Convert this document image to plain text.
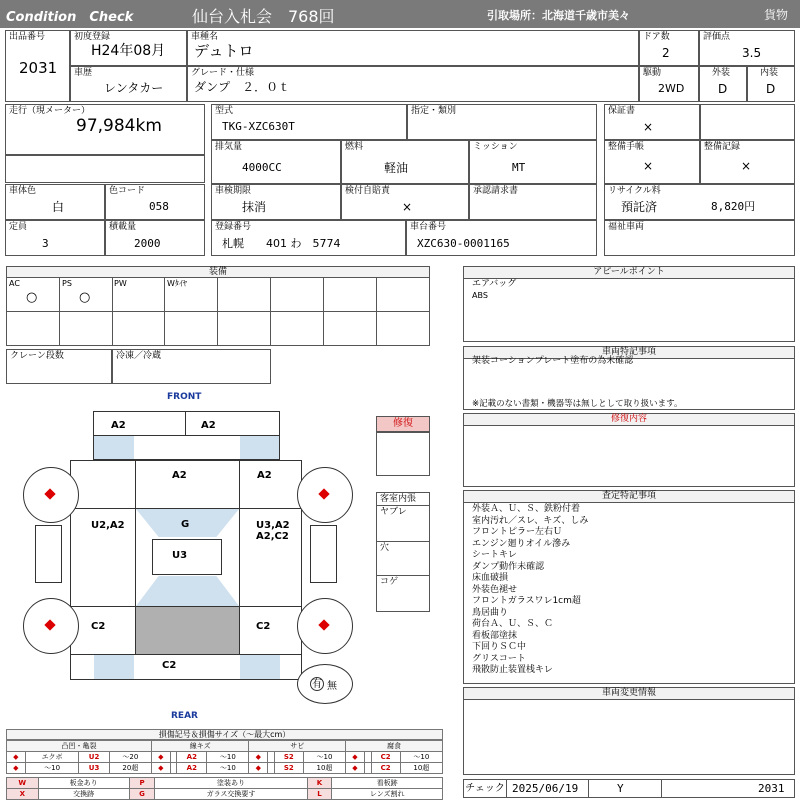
Condition　Check	仙台入札会　768回	引取場所：北海道千歳市美々	貨物
出品番号
2031
初度登録
H24年08月
車歴
レンタカー
車種名
デュトロ
グレード・仕様
ダンプ　２．０ｔ
ドア数
2
評価点
3.5
駆動
2WD
外装
D
内装
D
走行（現メーター）
97,984km
型式
TKG-XZC630T
指定・類別
排気量
4000CC
燃料
軽油
ミッション
MT
保証書
×
整備手帳
×
整備記録
×
車体色
白
色コード
058
定員
3
積載量
2000
車検期限
抹消
検付自賠責
×
承認請求書
登録番号
札幌　　401 わ　5774
車台番号
XZC630-0001165
リサイクル料
預託済	8,820円
福祉車両
装備
AC
○
PS
○
PW	Wﾀｲﾔ
クレーン段数	冷凍／冷蔵
アピールポイント
エアバッグ
ABS
車両特記事項
架装コーションプレート塗布の為未確認
※記載のない書類・機器等は無しとして取り扱います。
修復内容
査定特記事項
外装Ａ、Ｕ、Ｓ、鉄粉付着
室内汚れ／スレ、キズ、しみ
フロントピラー左右Ｕ
エンジン廻りオイル滲み
シートキレ
ダンプ動作未確認
床血破損
外装色褪せ
フロントガラスワレ1cm超
鳥居曲り
荷台Ａ、Ｕ、Ｓ、Ｃ
看板部塗抹
下回りＳＣ中
グリスコート
飛散防止装置桟キレ
車両変更情報
チェック 2025/06/19	Y	2031
修復
客室内張
ヤブレ
穴
コゲ
FRONT
REAR
有 無
A2	A2
A2	A2
U2,A2	U3,A2
A2,C2
G
U3
C2	C2
C2
損傷記号＆損傷サイズ（〜最大cm）
凸凹・亀裂				線キズ				サビ				腐食			
◆	エクボ	U2	〜20	◆		A2	〜10	◆		S2	〜10	◆		C2	〜10
◆	〜10	U3	20超	◆		A2	〜10	◆		S2	10超	◆		C2	10超
W	板金あり	P	塗装あり	K	看板跡
X	交換跡	G	ガラス交換要す	L	レンズ割れ
